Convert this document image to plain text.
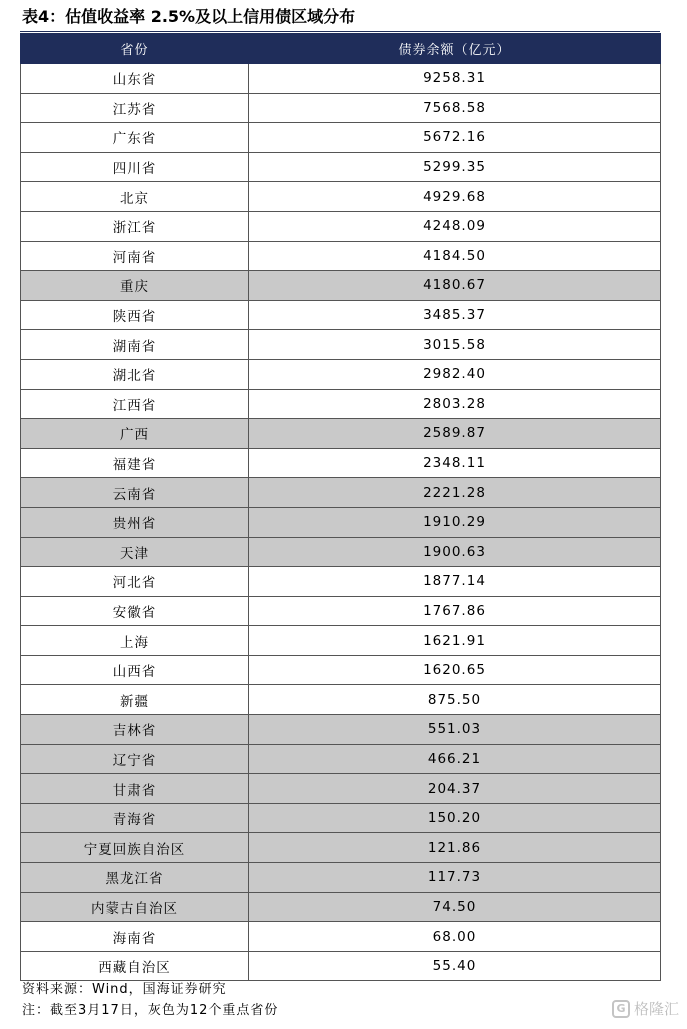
表4：估值收益率 2.5%及以上信用债区域分布
省份	债券余额（亿元）
山东省	9258.31
江苏省	7568.58
广东省	5672.16
四川省	5299.35
北京	4929.68
浙江省	4248.09
河南省	4184.50
重庆	4180.67
陕西省	3485.37
湖南省	3015.58
湖北省	2982.40
江西省	2803.28
广西	2589.87
福建省	2348.11
云南省	2221.28
贵州省	1910.29
天津	1900.63
河北省	1877.14
安徽省	1767.86
上海	1621.91
山西省	1620.65
新疆	875.50
吉林省	551.03
辽宁省	466.21
甘肃省	204.37
青海省	150.20
宁夏回族自治区	121.86
黑龙江省	117.73
内蒙古自治区	74.50
海南省	68.00
西藏自治区	55.40
资料来源：Wind，国海证券研究
注：截至3月17日，灰色为12个重点省份	G 格隆汇
